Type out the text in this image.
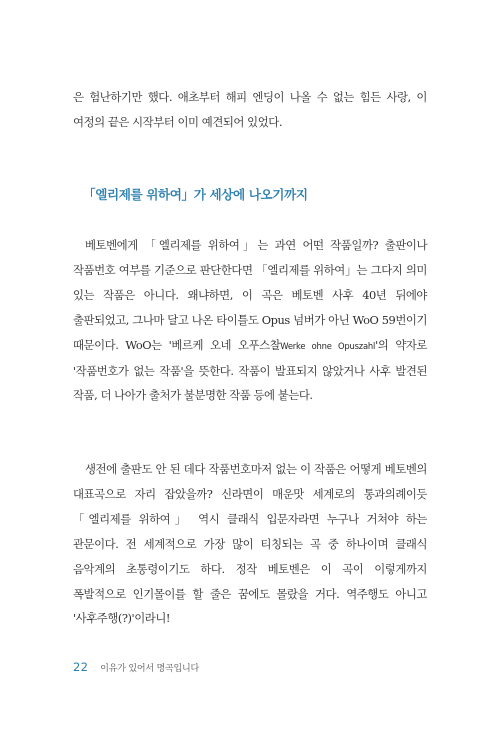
은 험난하기만 했다. 애초부터 해피 엔딩이 나올 수 없는 힘든 사랑, 이 여정의 끝은 시작부터 이미 예견되어 있었다.

「엘리제를 위하여」가 세상에 나오기까지

베토벤에게 「엘리제를 위하여」는 과연 어떤 작품일까? 출판이나 작품번호 여부를 기준으로 판단한다면 「엘리제를 위하여」는 그다지 의미 있는 작품은 아니다. 왜냐하면, 이 곡은 베토벤 사후 40년 뒤에야 출판되었고, 그나마 달고 나온 타이틀도 Opus 넘버가 아닌 WoO 59번이기 때문이다. WoO는 '베르케 오네 오푸스찰Werke ohne Opuszahl'의 약자로 '작품번호가 없는 작품'을 뜻한다. 작품이 발표되지 않았거나 사후 발견된 작품, 더 나아가 출처가 불분명한 작품 등에 붙는다.

생전에 출판도 안 된 데다 작품번호마저 없는 이 작품은 어떻게 베토벤의 대표곡으로 자리 잡았을까? 신라면이 매운맛 세계로의 통과의례이듯 「엘리제를 위하여」 역시 클래식 입문자라면 누구나 거쳐야 하는 관문이다. 전 세계적으로 가장 많이 티칭되는 곡 중 하나이며 클래식 음악계의 초통령이기도 하다. 정작 베토벤은 이 곡이 이렇게까지 폭발적으로 인기몰이를 할 줄은 꿈에도 몰랐을 거다. 역주행도 아니고 '사후주행(?)'이라니!

22 이유가 있어서 명곡입니다
